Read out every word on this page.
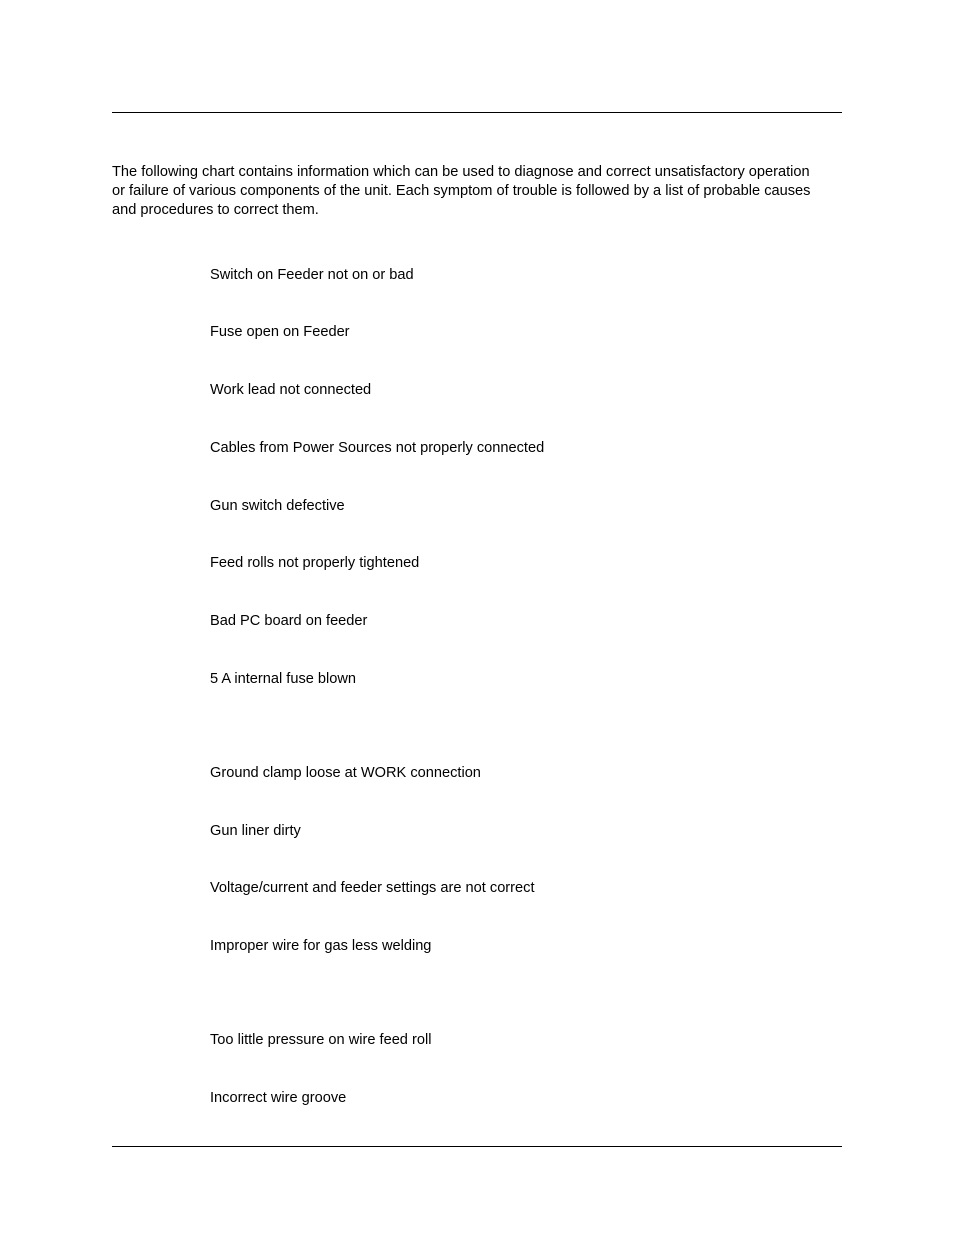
The following chart contains information which can be used to diagnose and correct unsatisfactory operation
or failure of various components of the unit. Each symptom of trouble is followed by a list of probable causes
and procedures to correct them.

Switch on Feeder not on or bad

Fuse open on Feeder

Work lead not connected

Cables from Power Sources not properly connected

Gun switch defective

Feed rolls not properly tightened

Bad PC board on feeder

5 A internal fuse blown

Ground clamp loose at WORK connection

Gun liner dirty

Voltage/current and feeder settings are not correct

Improper wire for gas less welding

Too little pressure on wire feed roll

Incorrect wire groove
